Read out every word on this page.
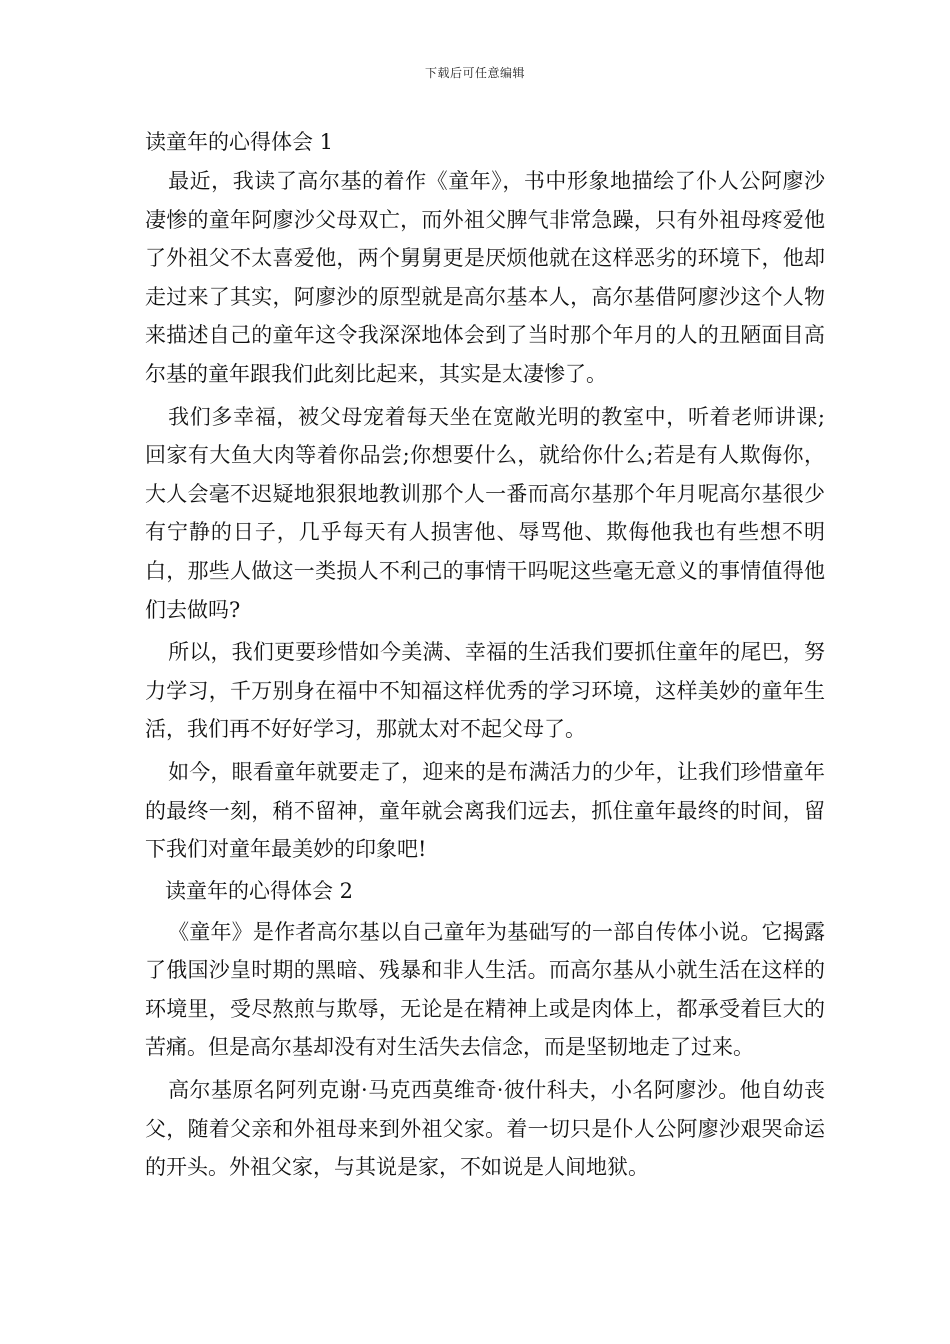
下载后可任意编辑
读童年的心得体会 1

最近，我读了高尔基的着作《童年》，书中形象地描绘了仆人公阿廖沙凄惨的童年阿廖沙父母双亡，而外祖父脾气非常急躁，只有外祖母疼爱他了外祖父不太喜爱他，两个舅舅更是厌烦他就在这样恶劣的环境下，他却走过来了其实，阿廖沙的原型就是高尔基本人，高尔基借阿廖沙这个人物来描述自己的童年这令我深深地体会到了当时那个年月的人的丑陋面目高尔基的童年跟我们此刻比起来，其实是太凄惨了。

我们多幸福，被父母宠着每天坐在宽敞光明的教室中，听着老师讲课;回家有大鱼大肉等着你品尝;你想要什么，就给你什么;若是有人欺侮你，大人会毫不迟疑地狠狠地教训那个人一番而高尔基那个年月呢高尔基很少有宁静的日子，几乎每天有人损害他、辱骂他、欺侮他我也有些想不明白，那些人做这一类损人不利己的事情干吗呢这些毫无意义的事情值得他们去做吗?

所以，我们更要珍惜如今美满、幸福的生活我们要抓住童年的尾巴，努力学习，千万别身在福中不知福这样优秀的学习环境，这样美妙的童年生活，我们再不好好学习，那就太对不起父母了。

如今，眼看童年就要走了，迎来的是布满活力的少年，让我们珍惜童年的最终一刻，稍不留神，童年就会离我们远去，抓住童年最终的时间，留下我们对童年最美妙的印象吧!

读童年的心得体会 2

《童年》是作者高尔基以自己童年为基础写的一部自传体小说。它揭露了俄国沙皇时期的黑暗、残暴和非人生活。而高尔基从小就生活在这样的环境里，受尽熬煎与欺辱，无论是在精神上或是肉体上，都承受着巨大的苦痛。但是高尔基却没有对生活失去信念，而是坚韧地走了过来。

高尔基原名阿列克谢·马克西莫维奇·彼什科夫，小名阿廖沙。他自幼丧父，随着父亲和外祖母来到外祖父家。着一切只是仆人公阿廖沙艰哭命运的开头。外祖父家，与其说是家，不如说是人间地狱。
